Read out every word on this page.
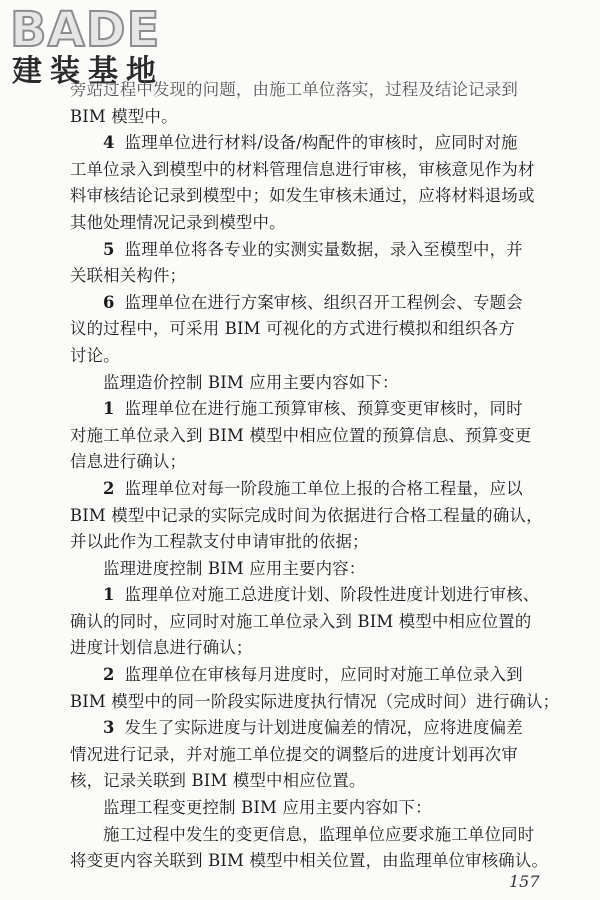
BADE
建装基地
旁站过程中发现的问题，由施工单位落实，过程及结论记录到
BIM 模型中。
4 监理单位进行材料/设备/构配件的审核时，应同时对施
工单位录入到模型中的材料管理信息进行审核，审核意见作为材
料审核结论记录到模型中；如发生审核未通过，应将材料退场或
其他处理情况记录到模型中。
5 监理单位将各专业的实测实量数据，录入至模型中，并
关联相关构件；
6 监理单位在进行方案审核、组织召开工程例会、专题会
议的过程中，可采用 BIM 可视化的方式进行模拟和组织各方
讨论。
监理造价控制 BIM 应用主要内容如下：
1 监理单位在进行施工预算审核、预算变更审核时，同时
对施工单位录入到 BIM 模型中相应位置的预算信息、预算变更
信息进行确认；
2 监理单位对每一阶段施工单位上报的合格工程量，应以
BIM 模型中记录的实际完成时间为依据进行合格工程量的确认，
并以此作为工程款支付申请审批的依据；
监理进度控制 BIM 应用主要内容：
1 监理单位对施工总进度计划、阶段性进度计划进行审核、
确认的同时，应同时对施工单位录入到 BIM 模型中相应位置的
进度计划信息进行确认；
2 监理单位在审核每月进度时，应同时对施工单位录入到
BIM 模型中的同一阶段实际进度执行情况（完成时间）进行确认；
3 发生了实际进度与计划进度偏差的情况，应将进度偏差
情况进行记录，并对施工单位提交的调整后的进度计划再次审
核，记录关联到 BIM 模型中相应位置。
监理工程变更控制 BIM 应用主要内容如下：
施工过程中发生的变更信息，监理单位应要求施工单位同时
将变更内容关联到 BIM 模型中相关位置，由监理单位审核确认。
157
